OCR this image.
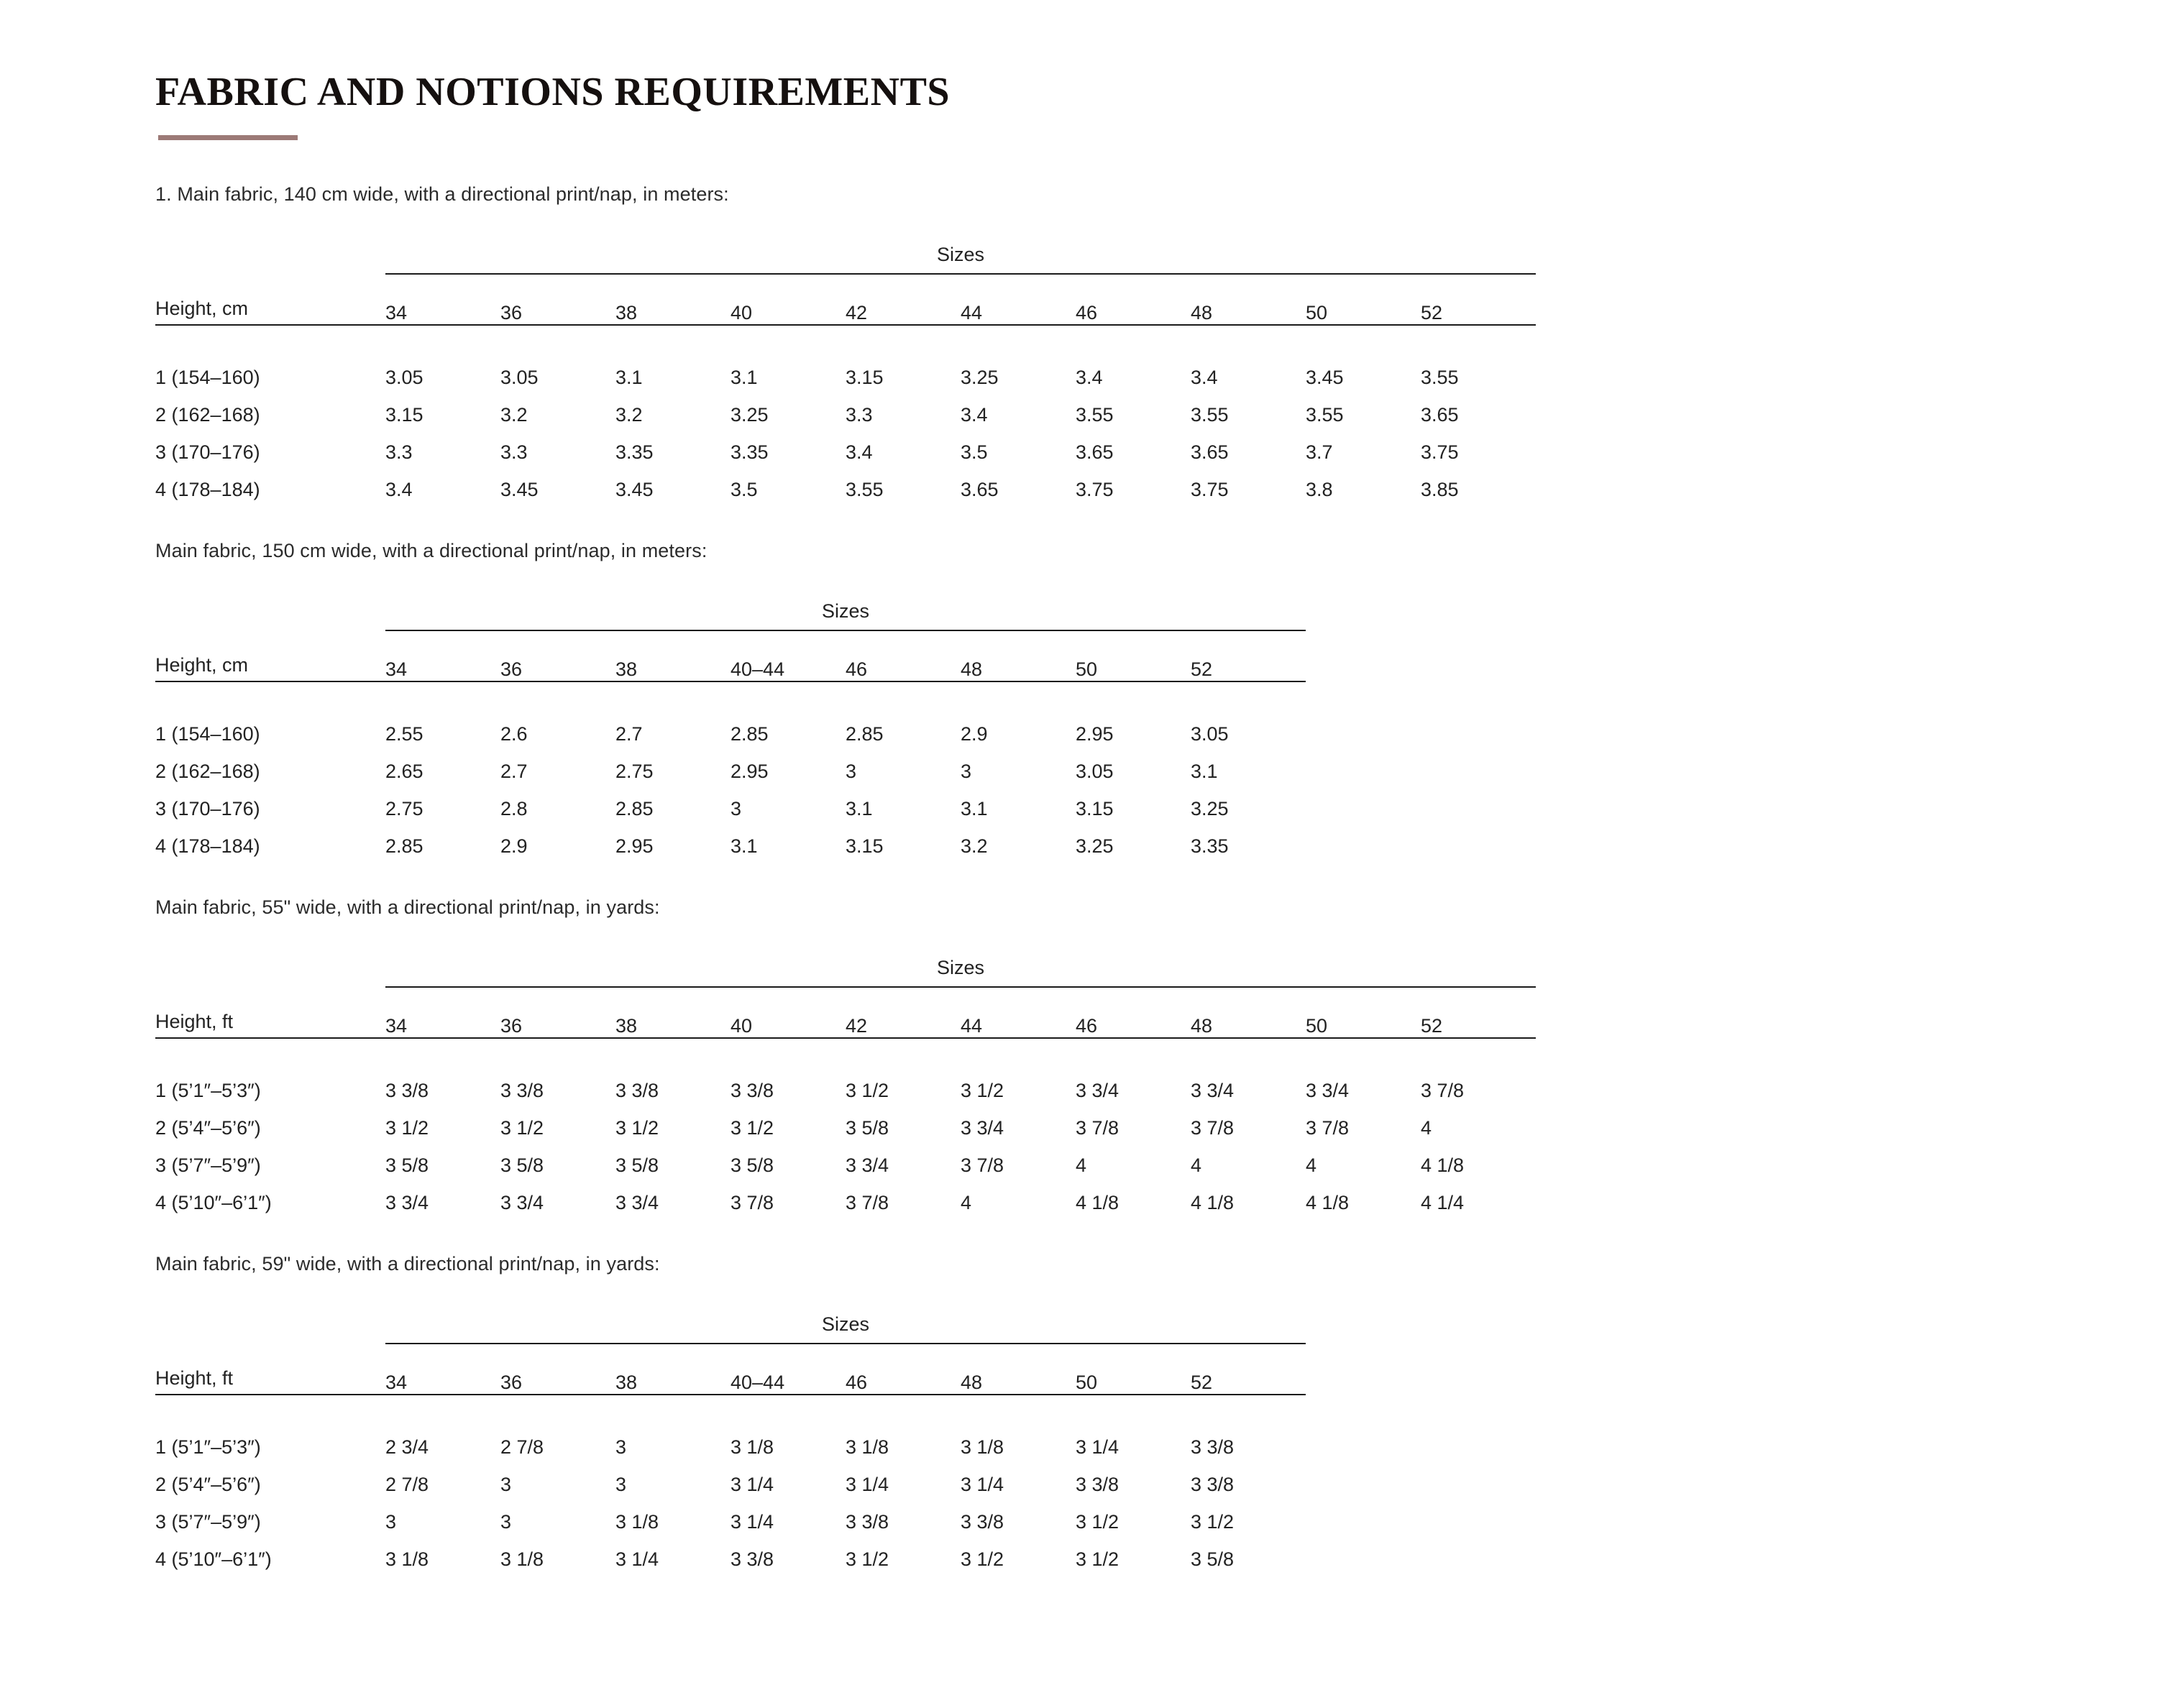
FABRIC AND NOTIONS REQUIREMENTS

1. Main fabric, 140 cm wide, with a directional print/nap, in meters:

	Sizes									
Height, cm	34	36	38	40	42	44	46	48	50	52

1 (154–160)	3.05	3.05	3.1	3.1	3.15	3.25	3.4	3.4	3.45	3.55
2 (162–168)	3.15	3.2	3.2	3.25	3.3	3.4	3.55	3.55	3.55	3.65
3 (170–176)	3.3	3.3	3.35	3.35	3.4	3.5	3.65	3.65	3.7	3.75
4 (178–184)	3.4	3.45	3.45	3.5	3.55	3.65	3.75	3.75	3.8	3.85

Main fabric, 150 cm wide, with a directional print/nap, in meters:

	Sizes							
Height, cm	34	36	38	40–44	46	48	50	52

1 (154–160)	2.55	2.6	2.7	2.85	2.85	2.9	2.95	3.05
2 (162–168)	2.65	2.7	2.75	2.95	3	3	3.05	3.1
3 (170–176)	2.75	2.8	2.85	3	3.1	3.1	3.15	3.25
4 (178–184)	2.85	2.9	2.95	3.1	3.15	3.2	3.25	3.35

Main fabric, 55" wide, with a directional print/nap, in yards:

	Sizes									
Height, ft	34	36	38	40	42	44	46	48	50	52

1 (5’1″–5’3″)	3 3/8	3 3/8	3 3/8	3 3/8	3 1/2	3 1/2	3 3/4	3 3/4	3 3/4	3 7/8
2 (5’4″–5’6″)	3 1/2	3 1/2	3 1/2	3 1/2	3 5/8	3 3/4	3 7/8	3 7/8	3 7/8	4
3 (5’7″–5’9″)	3 5/8	3 5/8	3 5/8	3 5/8	3 3/4	3 7/8	4	4	4	4 1/8
4 (5’10″–6’1″)	3 3/4	3 3/4	3 3/4	3 7/8	3 7/8	4	4 1/8	4 1/8	4 1/8	4 1/4

Main fabric, 59" wide, with a directional print/nap, in yards:

	Sizes							
Height, ft	34	36	38	40–44	46	48	50	52

1 (5’1″–5’3″)	2 3/4	2 7/8	3	3 1/8	3 1/8	3 1/8	3 1/4	3 3/8
2 (5’4″–5’6″)	2 7/8	3	3	3 1/4	3 1/4	3 1/4	3 3/8	3 3/8
3 (5’7″–5’9″)	3	3	3 1/8	3 1/4	3 3/8	3 3/8	3 1/2	3 1/2
4 (5’10″–6’1″)	3 1/8	3 1/8	3 1/4	3 3/8	3 1/2	3 1/2	3 1/2	3 5/8
